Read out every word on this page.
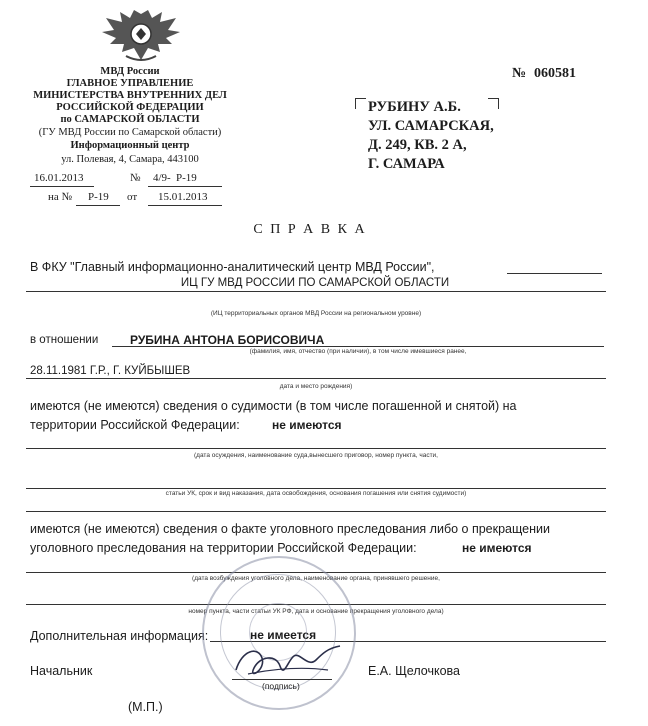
МВД России
ГЛАВНОЕ УПРАВЛЕНИЕ
МИНИСТЕРСТВА ВНУТРЕННИХ ДЕЛ
РОССИЙСКОЙ ФЕДЕРАЦИИ
по САМАРСКОЙ ОБЛАСТИ
(ГУ МВД России по Самарской области)
Информационный центр
ул. Полевая, 4, Самара, 443100
16.01.2013	№ 4/9- Р-19
на № Р-19 от 15.01.2013
№ 060581
РУБИНУ А.Б.
УЛ. САМАРСКАЯ,
Д. 249, КВ. 2 А,
Г. САМАРА
С П Р А В К А
В ФКУ "Главный информационно-аналитический центр МВД России",
ИЦ ГУ МВД РОССИИ ПО САМАРСКОЙ ОБЛАСТИ
(ИЦ территориальных органов МВД России на региональном уровне)
в отношении	РУБИНА АНТОНА БОРИСОВИЧА
(фамилия, имя, отчество (при наличии), в том числе имевшиеся ранее,
28.11.1981 Г.Р., Г. КУЙБЫШЕВ
дата и место рождения)
имеются (не имеются) сведения о судимости (в том числе погашенной и снятой) на
территории Российской Федерации:	не имеются
(дата осуждения, наименование суда,вынесшего приговор, номер пункта, части,
статьи УК, срок и вид наказания, дата освобождения, основания погашения или снятия судимости)
имеются (не имеются) сведения о факте уголовного преследования либо о прекращении
уголовного преследования на территории Российской Федерации:	не имеются
(дата возбуждения уголовного дела, наименование органа, принявшего решение,
номер пункта, части статьи УК РФ, дата и основание прекращения уголовного дела)
Дополнительная информация:	не имеется
Начальник
(подпись)
Е.А. Щелочкова
(М.П.)
